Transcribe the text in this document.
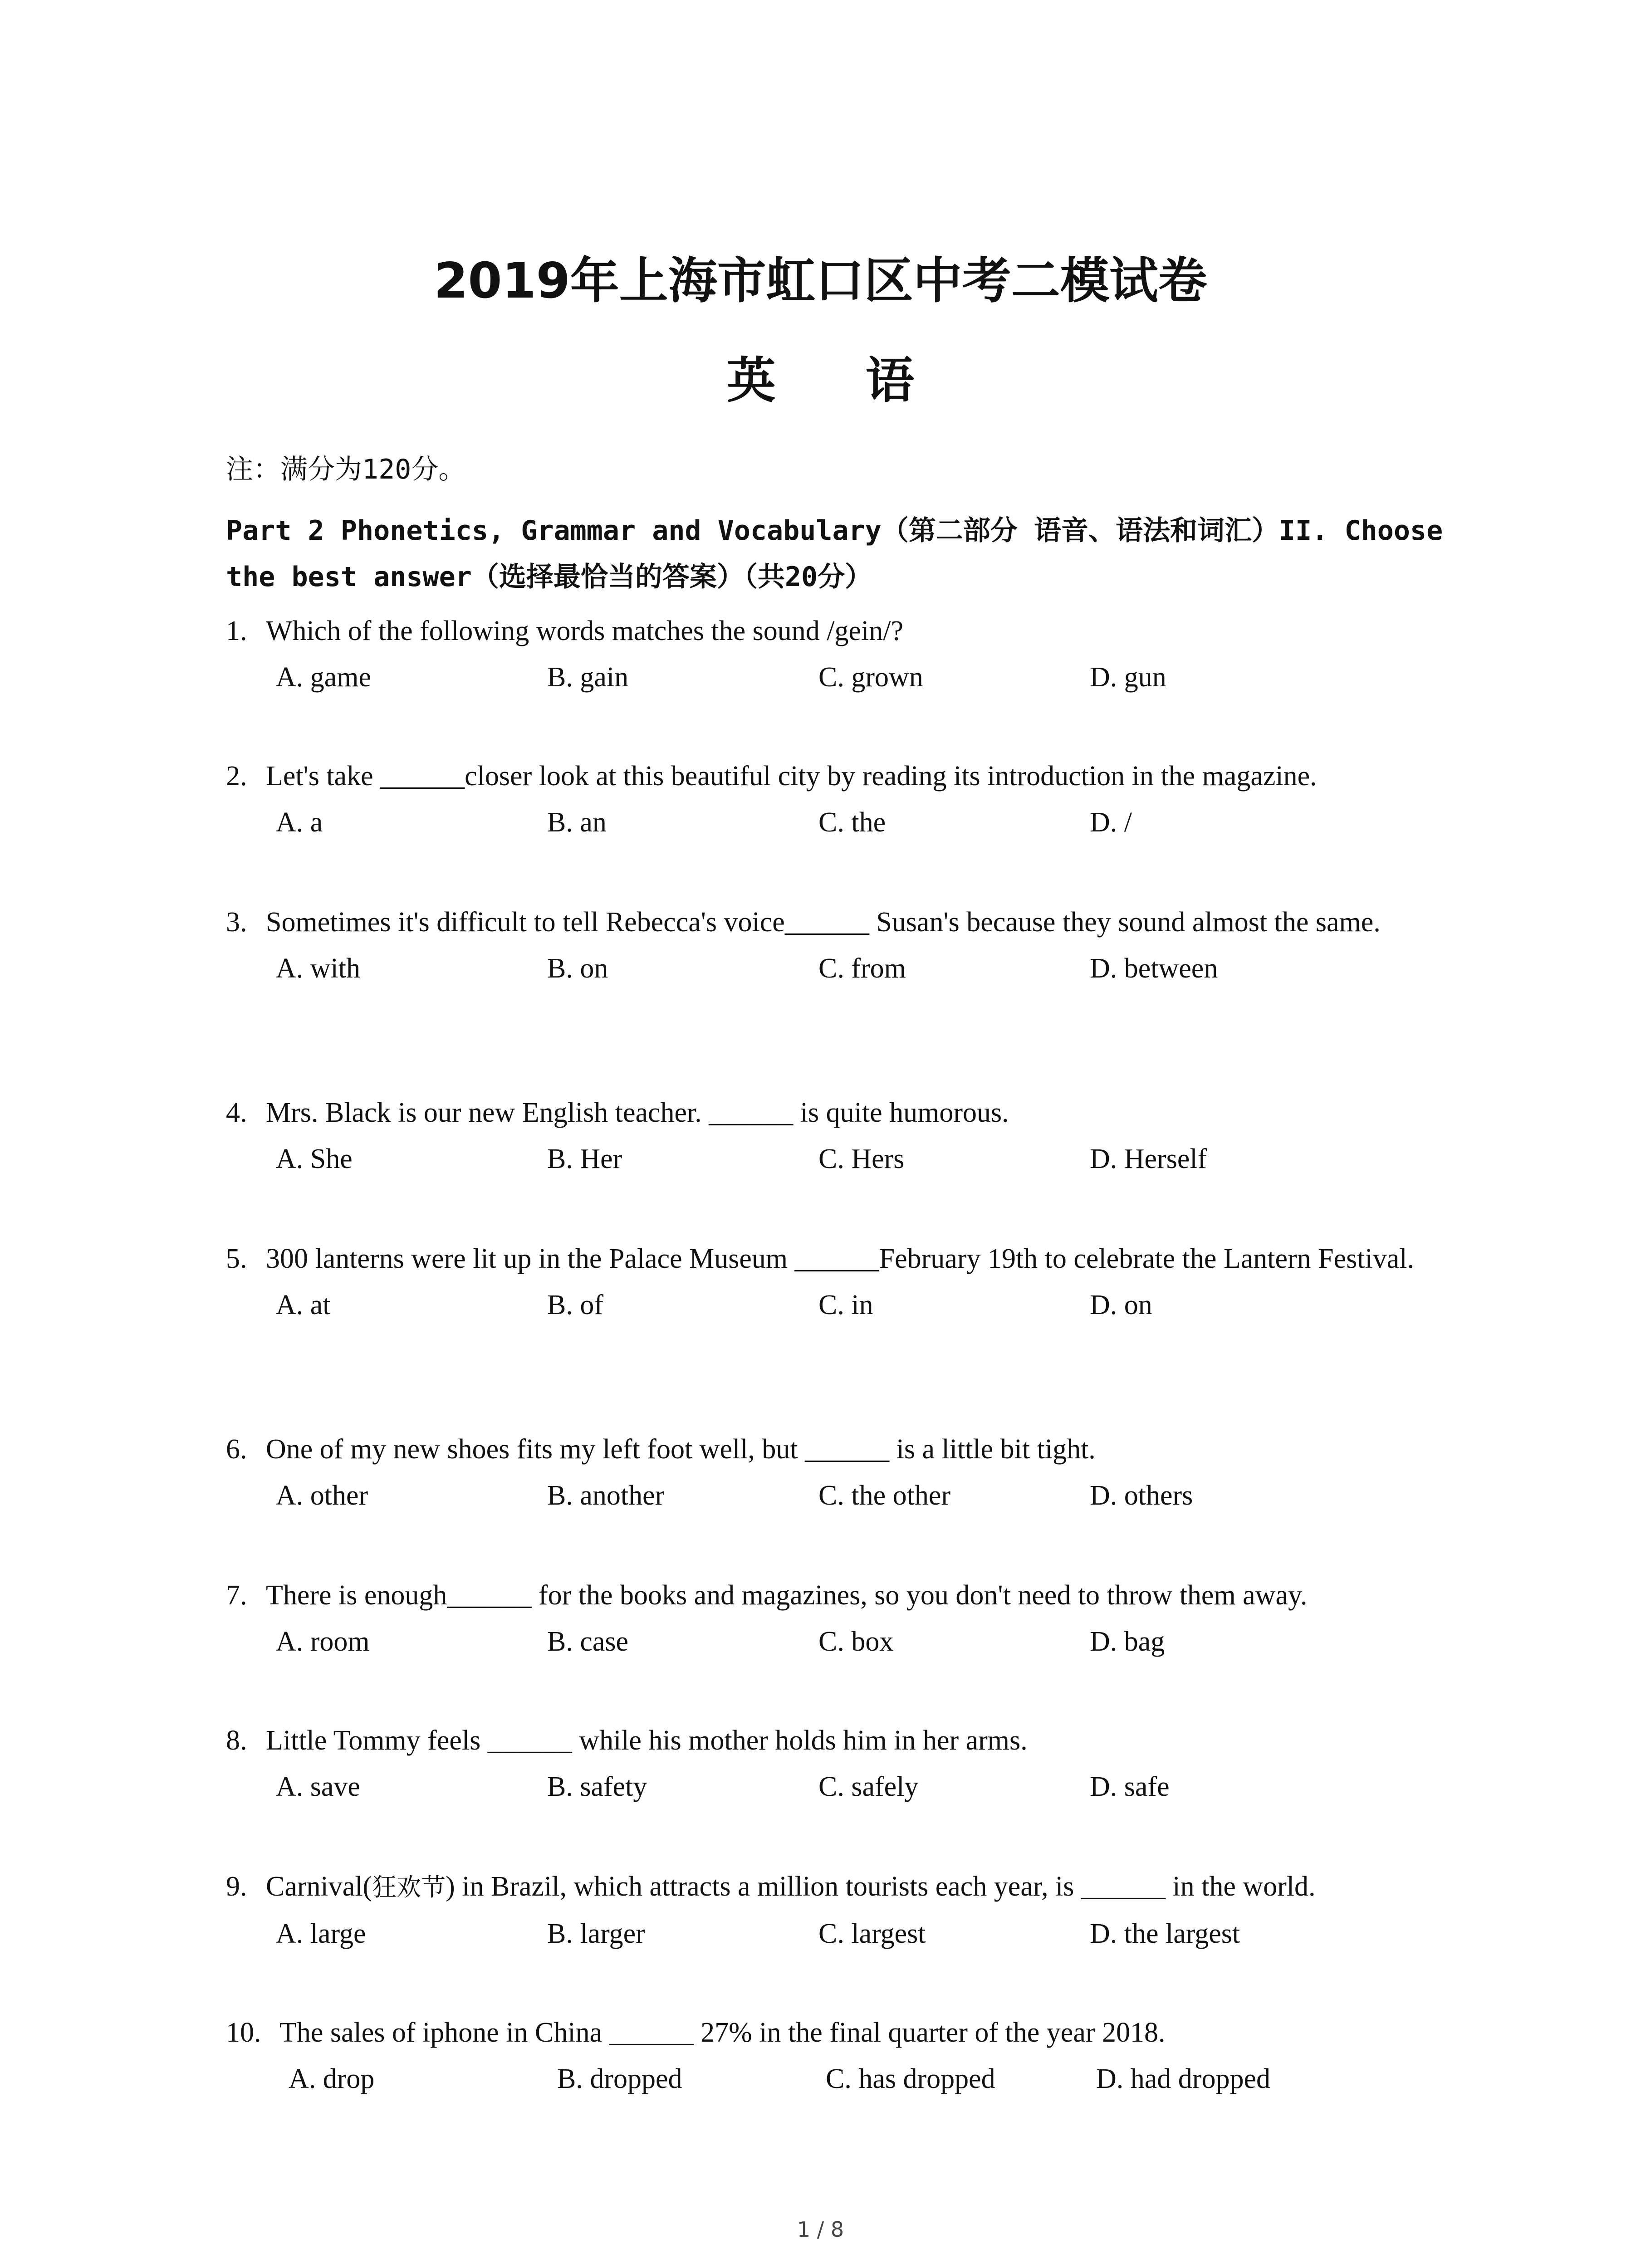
2019年上海市虹口区中考二模试卷
英 语
注：满分为120分。
Part 2 Phonetics, Grammar and Vocabulary（第二部分 语音、语法和词汇）II. Choose
the best answer（选择最恰当的答案）（共20分）
1. Which of the following words matches the sound /gein/?
A. game	B. gain	C. grown	D. gun
2. Let's take ______closer look at this beautiful city by reading its introduction in the magazine.
A. a	B. an	C. the	D. /
3. Sometimes it's difficult to tell Rebecca's voice______ Susan's because they sound almost the same.
A. with	B. on	C. from	D. between
4. Mrs. Black is our new English teacher. ______ is quite humorous.
A. She	B. Her	C. Hers	D. Herself
5. 300 lanterns were lit up in the Palace Museum ______February 19th to celebrate the Lantern Festival.
A. at	B. of	C. in	D. on
6. One of my new shoes fits my left foot well, but ______ is a little bit tight.
A. other	B. another	C. the other	D. others
7. There is enough______ for the books and magazines, so you don't need to throw them away.
A. room	B. case	C. box	D. bag
8. Little Tommy feels ______ while his mother holds him in her arms.
A. save	B. safety	C. safely	D. safe
9. Carnival(狂欢节) in Brazil, which attracts a million tourists each year, is ______ in the world.
A. large	B. larger	C. largest	D. the largest
10. The sales of iphone in China ______ 27% in the final quarter of the year 2018.
A. drop	B. dropped	C. has dropped	D. had dropped
1 / 8
